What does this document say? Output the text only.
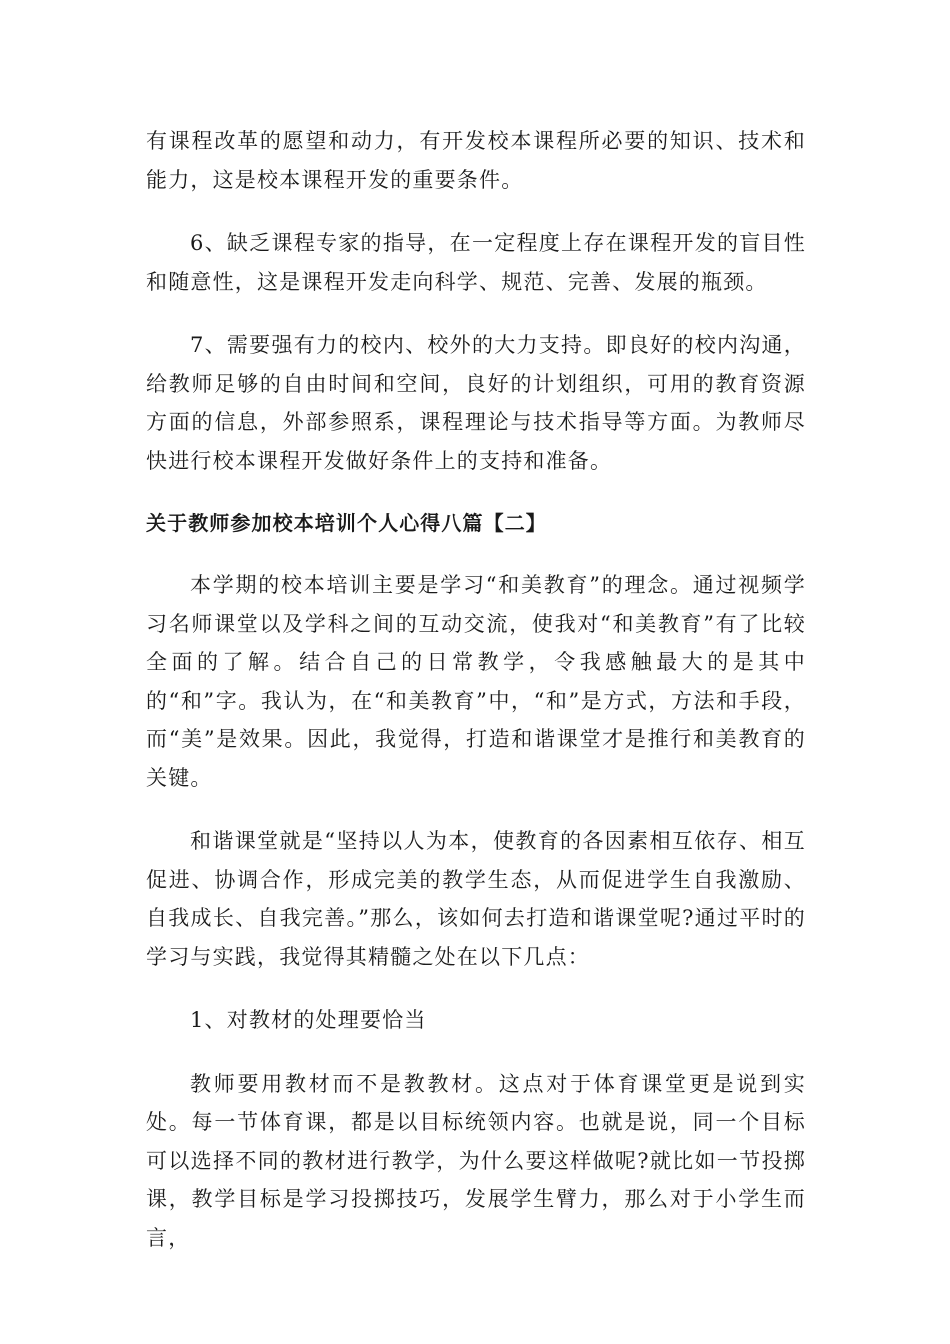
有课程改革的愿望和动力，有开发校本课程所必要的知识、技术和能力，这是校本课程开发的重要条件。

6、缺乏课程专家的指导，在一定程度上存在课程开发的盲目性和随意性，这是课程开发走向科学、规范、完善、发展的瓶颈。

7、需要强有力的校内、校外的大力支持。即良好的校内沟通，给教师足够的自由时间和空间，良好的计划组织，可用的教育资源方面的信息，外部参照系，课程理论与技术指导等方面。为教师尽快进行校本课程开发做好条件上的支持和准备。

关于教师参加校本培训个人心得八篇【二】

本学期的校本培训主要是学习“和美教育”的理念。通过视频学习名师课堂以及学科之间的互动交流，使我对“和美教育”有了比较全面的了解。结合自己的日常教学，令我感触最大的是其中的“和”字。我认为，在“和美教育”中，“和”是方式，方法和手段，而“美”是效果。因此，我觉得，打造和谐课堂才是推行和美教育的关键。

和谐课堂就是“坚持以人为本，使教育的各因素相互依存、相互促进、协调合作，形成完美的教学生态，从而促进学生自我激励、自我成长、自我完善。”那么，该如何去打造和谐课堂呢?通过平时的学习与实践，我觉得其精髓之处在以下几点：

1、对教材的处理要恰当

教师要用教材而不是教教材。这点对于体育课堂更是说到实处。每一节体育课，都是以目标统领内容。也就是说，同一个目标可以选择不同的教材进行教学，为什么要这样做呢?就比如一节投掷课，教学目标是学习投掷技巧，发展学生臂力，那么对于小学生而言，
